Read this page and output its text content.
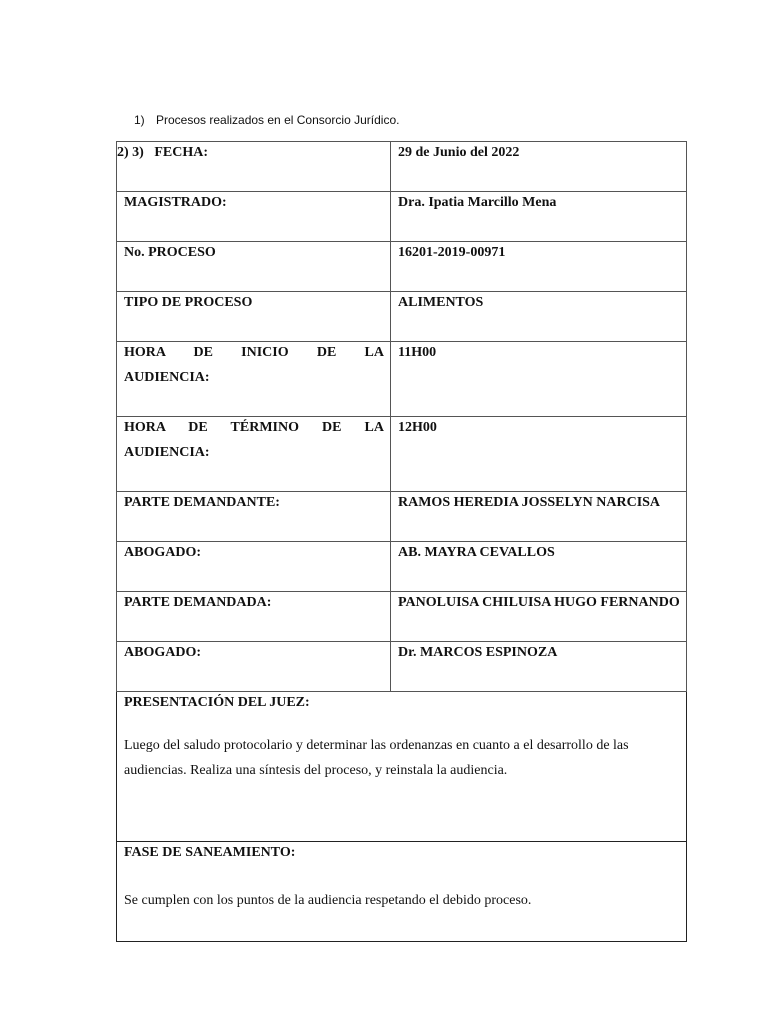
1) Procesos realizados en el Consorcio Jurídico.
2) 3) FECHA:	29 de Junio del 2022
MAGISTRADO:	Dra. Ipatia Marcillo Mena
No. PROCESO	16201-2019-00971
TIPO DE PROCESO	ALIMENTOS

HORA DE INICIO DE LA
AUDIENCIA:	11H00

HORA DE TÉRMINO DE LA
AUDIENCIA:	12H00
PARTE DEMANDANTE:	RAMOS HEREDIA JOSSELYN NARCISA
ABOGADO:	AB. MAYRA CEVALLOS
PARTE DEMANDADA:	PANOLUISA CHILUISA HUGO FERNANDO
ABOGADO:	Dr. MARCOS ESPINOZA

PRESENTACIÓN DEL JUEZ:
Luego del saludo protocolario y determinar las ordenanzas en cuanto a el desarrollo de las audiencias. Realiza una síntesis del proceso, y reinstala la audiencia.	

FASE DE SANEAMIENTO:
Se cumplen con los puntos de la audiencia respetando el debido proceso.	
